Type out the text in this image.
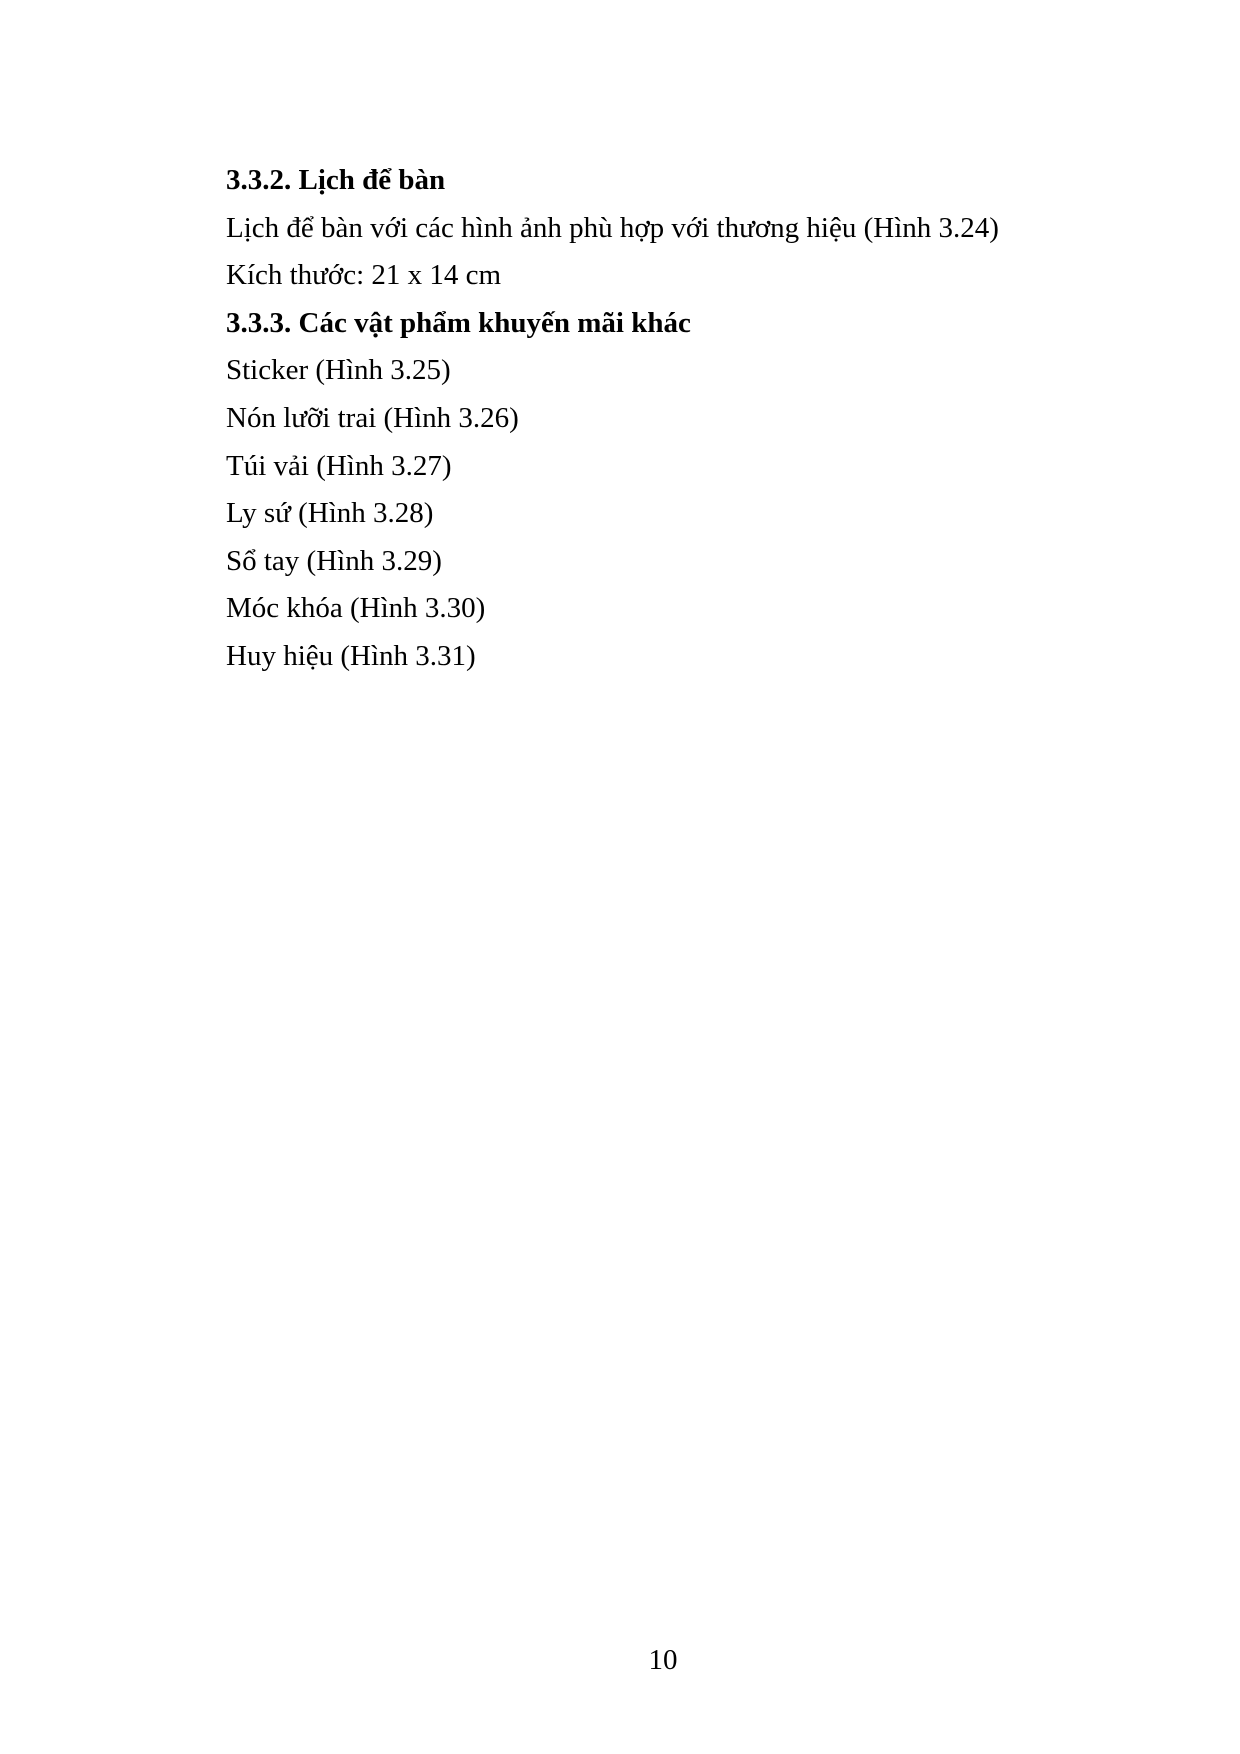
3.3.2. Lịch để bàn

Lịch để bàn với các hình ảnh phù hợp với thương hiệu (Hình 3.24)

Kích thước: 21 x 14 cm

3.3.3. Các vật phẩm khuyến mãi khác

Sticker (Hình 3.25)

Nón lưỡi trai (Hình 3.26)

Túi vải (Hình 3.27)

Ly sứ (Hình 3.28)

Sổ tay (Hình 3.29)

Móc khóa (Hình 3.30)

Huy hiệu (Hình 3.31)

10
